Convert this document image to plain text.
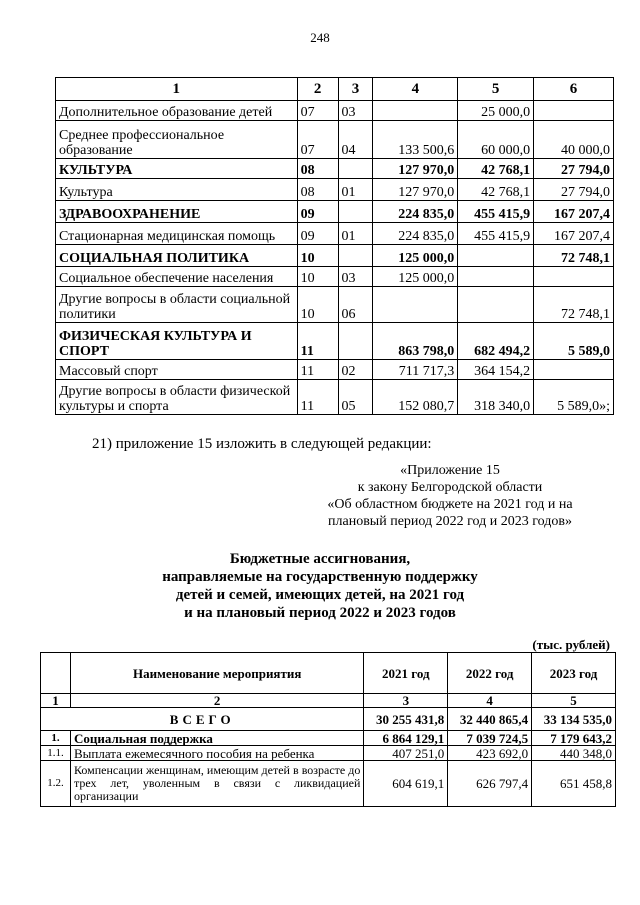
248
1	2	3	4	5	6
Дополнительное образование детей	07	03		25 000,0	
Среднее профессиональное образование	07	04	133 500,6	60 000,0	40 000,0
КУЛЬТУРА	08		127 970,0	42 768,1	27 794,0
Культура	08	01	127 970,0	42 768,1	27 794,0
ЗДРАВООХРАНЕНИЕ	09		224 835,0	455 415,9	167 207,4
Стационарная медицинская помощь	09	01	224 835,0	455 415,9	167 207,4
СОЦИАЛЬНАЯ ПОЛИТИКА	10		125 000,0		72 748,1
Социальное обеспечение населения	10	03	125 000,0		
Другие вопросы в области социальной политики	10	06			72 748,1
ФИЗИЧЕСКАЯ КУЛЬТУРА И СПОРТ	11		863 798,0	682 494,2	5 589,0
Массовый спорт	11	02	711 717,3	364 154,2	
Другие вопросы в области физической культуры и спорта	11	05	152 080,7	318 340,0	5 589,0»;
21) приложение 15 изложить в следующей редакции:
«Приложение 15
к закону Белгородской области
«Об областном бюджете на 2021 год и на
плановый период 2022 год и 2023 годов»
Бюджетные ассигнования,
направляемые на государственную поддержку
детей и семей, имеющих детей, на 2021 год
и на плановый период 2022 и 2023 годов
(тыс. рублей)
	Наименование мероприятия	2021 год	2022 год	2023 год
1	2	3	4	5
ВСЕГО		30 255 431,8	32 440 865,4	33 134 535,0
1.	Социальная поддержка	6 864 129,1	7 039 724,5	7 179 643,2
1.1.	Выплата ежемесячного пособия на ребенка	407 251,0	423 692,0	440 348,0
1.2.	Компенсации женщинам, имеющим детей в возрасте до трех лет, уволенным в связи с ликвидацией организации	604 619,1	626 797,4	651 458,8
